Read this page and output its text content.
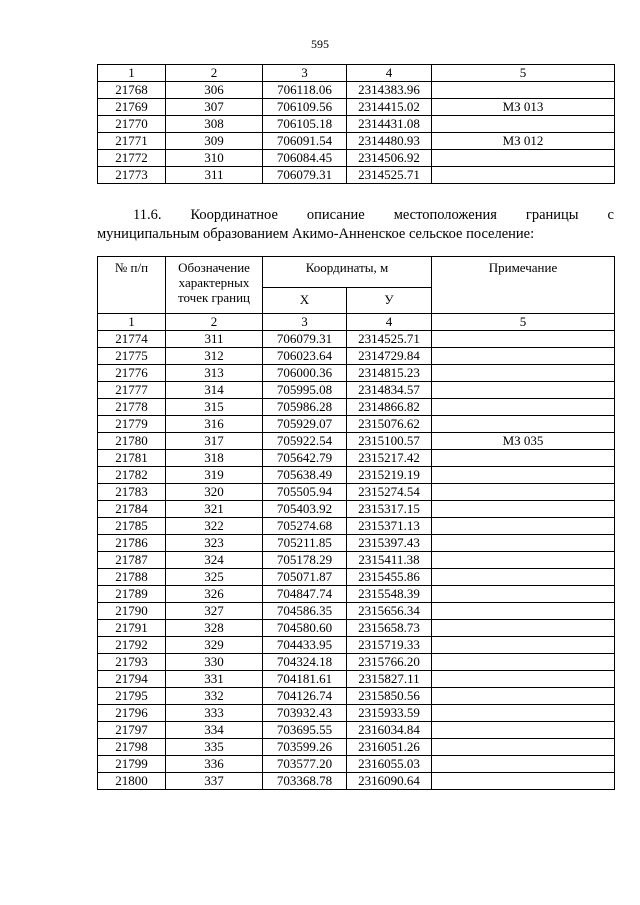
595
1	2	3	4	5
21768	306	706118.06	2314383.96	
21769	307	706109.56	2314415.02	МЗ 013
21770	308	706105.18	2314431.08	
21771	309	706091.54	2314480.93	МЗ 012
21772	310	706084.45	2314506.92	
21773	311	706079.31	2314525.71	
11.6. Координатное описание местоположения границы с
муниципальным образованием Акимо-Анненское сельское поселение:
№ п/п	Обозначение характерных точек границ	Координаты, м		Примечание
		Х	У	
1	2	3	4	5
21774	311	706079.31	2314525.71	
21775	312	706023.64	2314729.84	
21776	313	706000.36	2314815.23	
21777	314	705995.08	2314834.57	
21778	315	705986.28	2314866.82	
21779	316	705929.07	2315076.62	
21780	317	705922.54	2315100.57	МЗ 035
21781	318	705642.79	2315217.42	
21782	319	705638.49	2315219.19	
21783	320	705505.94	2315274.54	
21784	321	705403.92	2315317.15	
21785	322	705274.68	2315371.13	
21786	323	705211.85	2315397.43	
21787	324	705178.29	2315411.38	
21788	325	705071.87	2315455.86	
21789	326	704847.74	2315548.39	
21790	327	704586.35	2315656.34	
21791	328	704580.60	2315658.73	
21792	329	704433.95	2315719.33	
21793	330	704324.18	2315766.20	
21794	331	704181.61	2315827.11	
21795	332	704126.74	2315850.56	
21796	333	703932.43	2315933.59	
21797	334	703695.55	2316034.84	
21798	335	703599.26	2316051.26	
21799	336	703577.20	2316055.03	
21800	337	703368.78	2316090.64	
